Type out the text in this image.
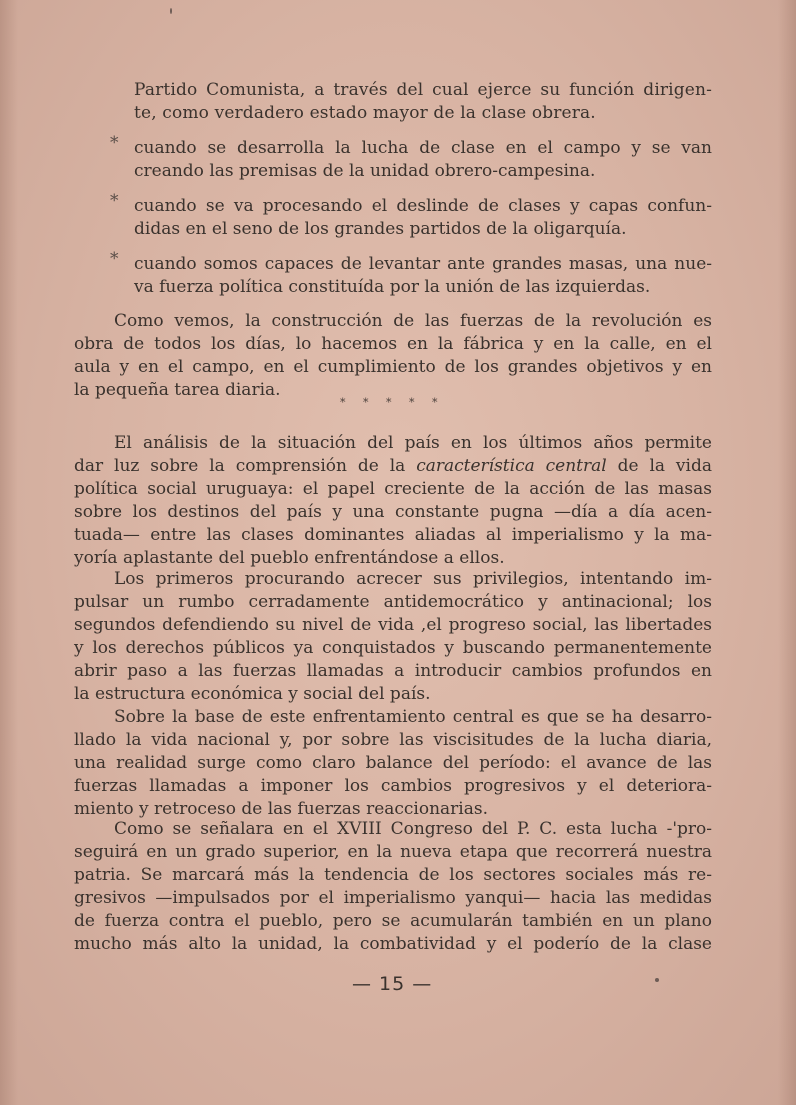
Partido Comunista, a través del cual ejerce su función dirigen-
te, como verdadero estado mayor de la clase obrera.
* cuando se desarrolla la lucha de clase en el campo y se van
creando las premisas de la unidad obrero-campesina.
* cuando se va procesando el deslinde de clases y capas confun-
didas en el seno de los grandes partidos de la oligarquía.
* cuando somos capaces de levantar ante grandes masas, una nue-
va fuerza política constituída por la unión de las izquierdas.
Como vemos, la construcción de las fuerzas de la revolución es
obra de todos los días, lo hacemos en la fábrica y en la calle, en el
aula y en el campo, en el cumplimiento de los grandes objetivos y en
la pequeña tarea diaria.
* * * * *
El análisis de la situación del país en los últimos años permite
dar luz sobre la comprensión de la característica central de la vida
política social uruguaya: el papel creciente de la acción de las masas
sobre los destinos del país y una constante pugna —día a día acen-
tuada— entre las clases dominantes aliadas al imperialismo y la ma-
yoría aplastante del pueblo enfrentándose a ellos.
Los primeros procurando acrecer sus privilegios, intentando im-
pulsar un rumbo cerradamente antidemocrático y antinacional; los
segundos defendiendo su nivel de vida ,el progreso social, las libertades
y los derechos públicos ya conquistados y buscando permanentemente
abrir paso a las fuerzas llamadas a introducir cambios profundos en
la estructura económica y social del país.
Sobre la base de este enfrentamiento central es que se ha desarro-
llado la vida nacional y, por sobre las viscisitudes de la lucha diaria,
una realidad surge como claro balance del período: el avance de las
fuerzas llamadas a imponer los cambios progresivos y el deteriora-
miento y retroceso de las fuerzas reaccionarias.
Como se señalara en el XVIII Congreso del P. C. esta lucha -'pro-
seguirá en un grado superior, en la nueva etapa que recorrerá nuestra
patria. Se marcará más la tendencia de los sectores sociales más re-
gresivos —impulsados por el imperialismo yanqui— hacia las medidas
de fuerza contra el pueblo, pero se acumularán también en un plano
mucho más alto la unidad, la combatividad y el poderío de la clase
— 15 —
